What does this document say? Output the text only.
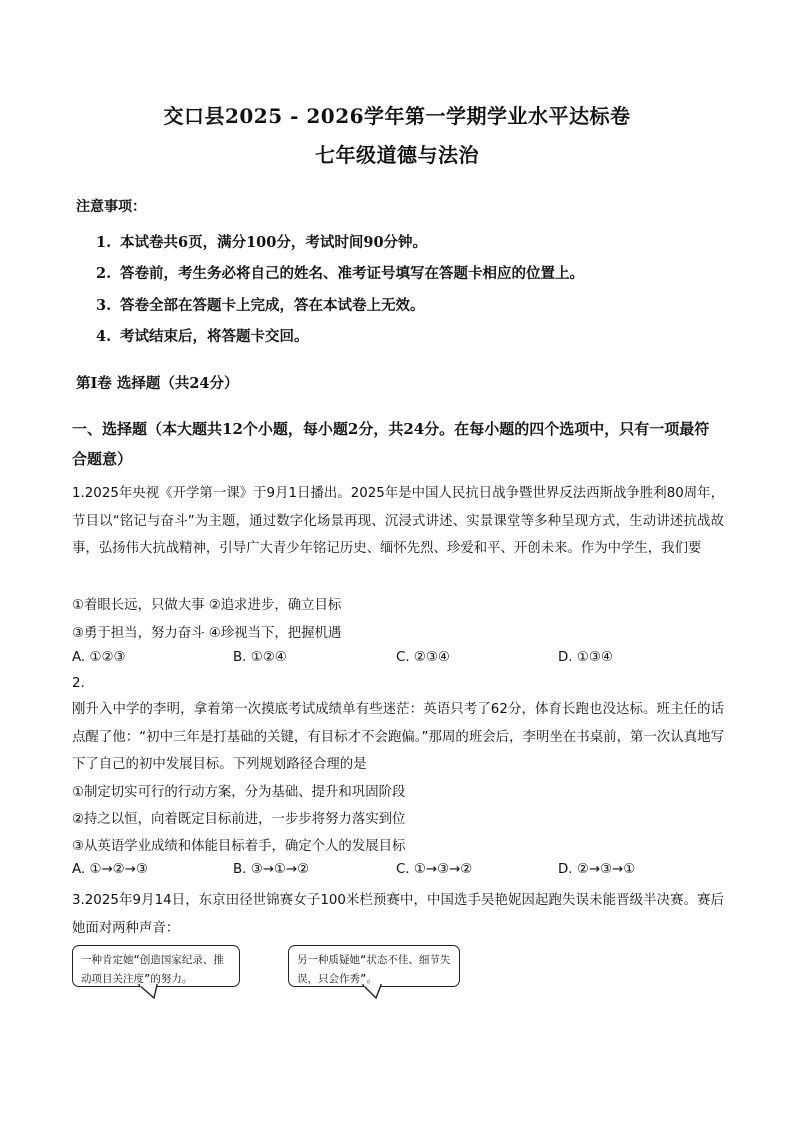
交口县2025 - 2026学年第一学期学业水平达标卷
七年级道德与法治
注意事项：
1. 本试卷共6页，满分100分，考试时间90分钟。
2. 答卷前，考生务必将自己的姓名、准考证号填写在答题卡相应的位置上。
3. 答卷全部在答题卡上完成，答在本试卷上无效。
4. 考试结束后，将答题卡交回。
第Ⅰ卷 选择题（共24分）
一、选择题（本大题共12个小题，每小题2分，共24分。在每小题的四个选项中，只有一项最符合题意）
1.2025年央视《开学第一课》于9月1日播出。2025年是中国人民抗日战争暨世界反法西斯战争胜利80周年，节目以“铭记与奋斗”为主题，通过数字化场景再现、沉浸式讲述、实景课堂等多种呈现方式，生动讲述抗战故事，弘扬伟大抗战精神，引导广大青少年铭记历史、缅怀先烈、珍爱和平、开创未来。作为中学生，我们要
①着眼长远，只做大事 ②追求进步，确立目标
③勇于担当，努力奋斗 ④珍视当下，把握机遇
A. ①②③	B. ①②④	C. ②③④	D. ①③④
2.
刚升入中学的李明，拿着第一次摸底考试成绩单有些迷茫：英语只考了62分，体育长跑也没达标。班主任的话点醒了他：“初中三年是打基础的关键，有目标才不会跑偏。”那周的班会后，李明坐在书桌前，第一次认真地写下了自己的初中发展目标。下列规划路径合理的是
①制定切实可行的行动方案，分为基础、提升和巩固阶段
②持之以恒，向着既定目标前进，一步步将努力落实到位
③从英语学业成绩和体能目标着手，确定个人的发展目标
A. ①→②→③	B. ③→①→②	C. ①→③→②	D. ②→③→①
3.2025年9月14日，东京田径世锦赛女子100米栏预赛中，中国选手吴艳妮因起跑失误未能晋级半决赛。赛后她面对两种声音：
一种肯定她“创造国家纪录、推动项目关注度”的努力。
另一种质疑她“状态不佳、细节失误，只会作秀”。
